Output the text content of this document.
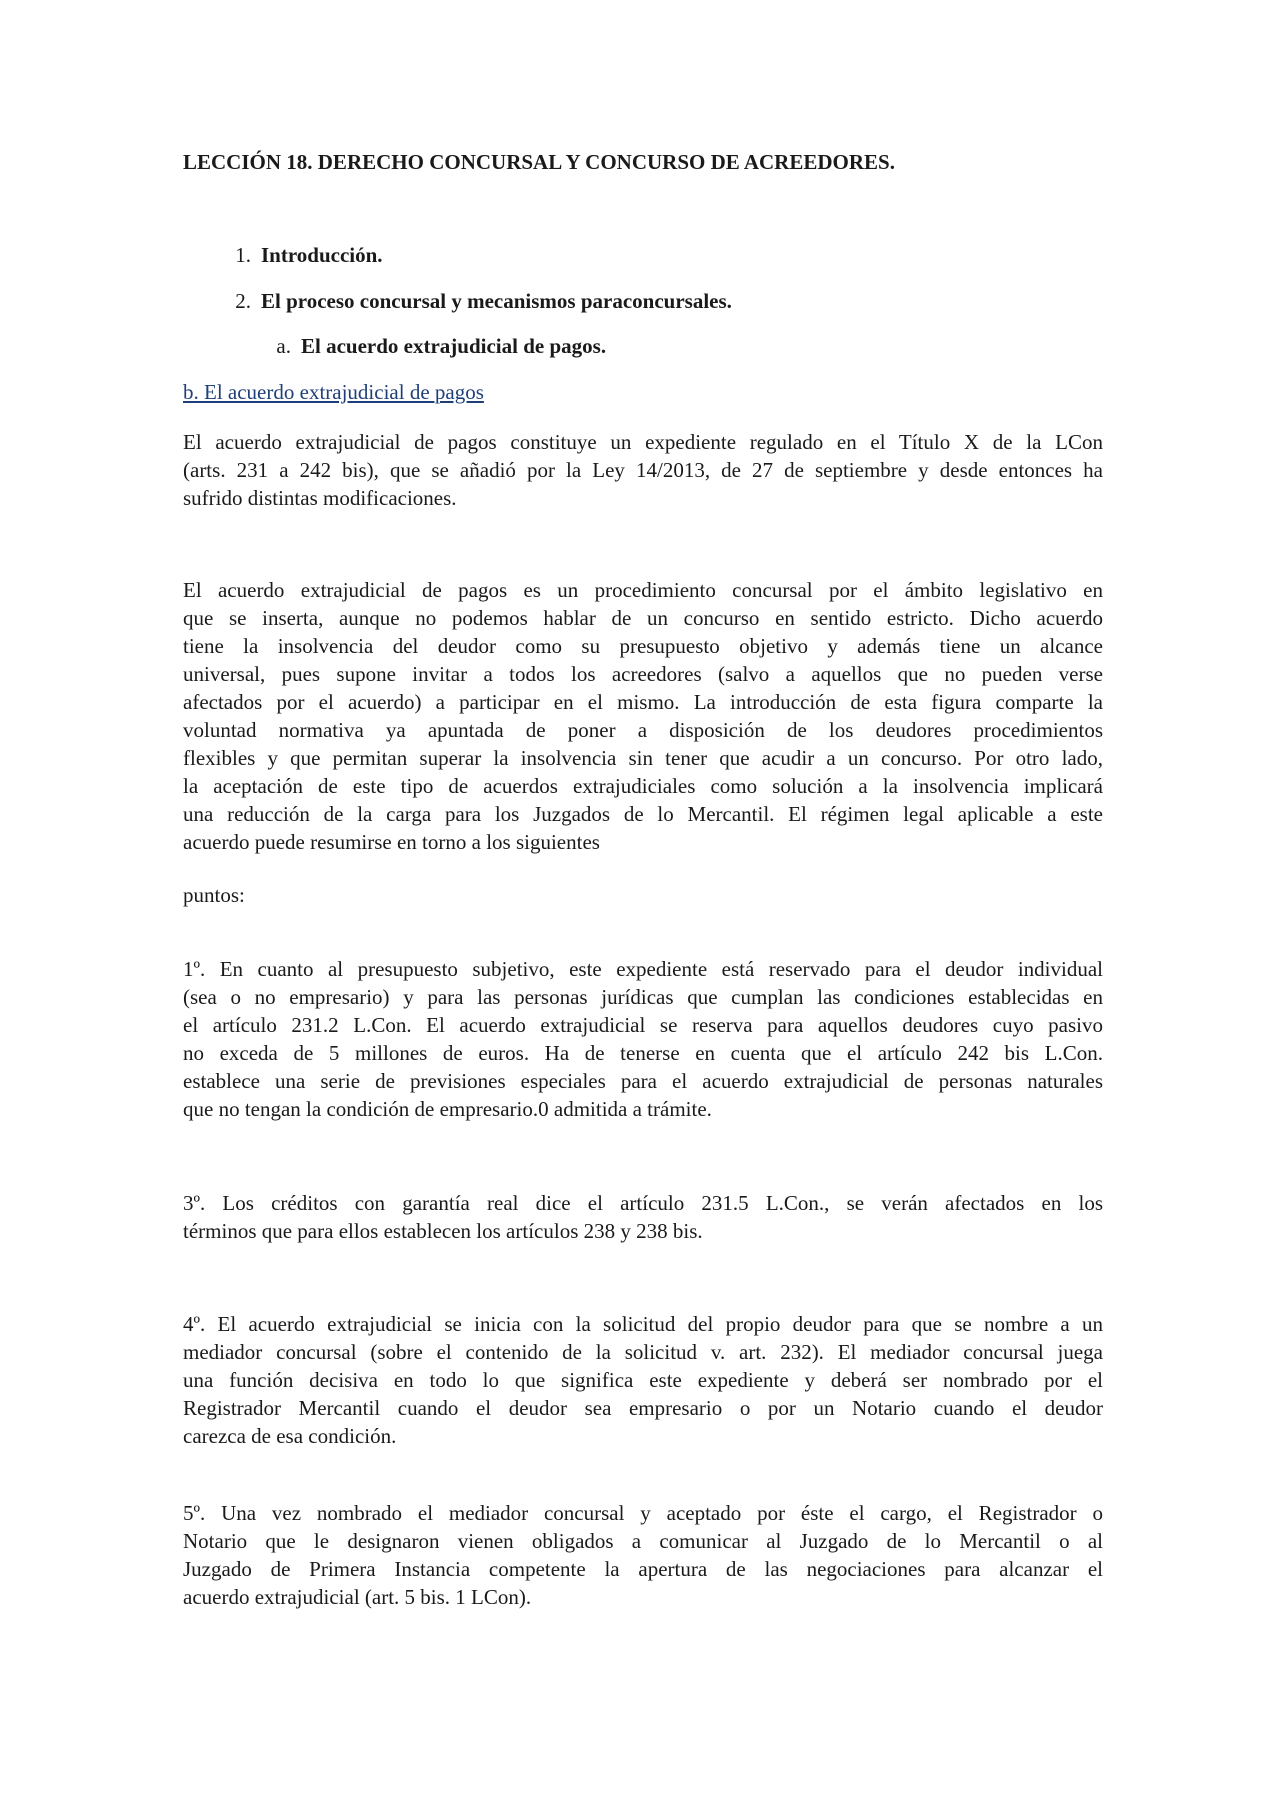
LECCIÓN 18. DERECHO CONCURSAL Y CONCURSO DE ACREEDORES.
1. Introducción.
2. El proceso concursal y mecanismos paraconcursales.
a. El acuerdo extrajudicial de pagos.
b. El acuerdo extrajudicial de pagos
El acuerdo extrajudicial de pagos constituye un expediente regulado en el Título X de la LCon
(arts. 231 a 242 bis), que se añadió por la Ley 14/2013, de 27 de septiembre y desde entonces ha
sufrido distintas modificaciones.
El acuerdo extrajudicial de pagos es un procedimiento concursal por el ámbito legislativo en
que se inserta, aunque no podemos hablar de un concurso en sentido estricto. Dicho acuerdo
tiene la insolvencia del deudor como su presupuesto objetivo y además tiene un alcance
universal, pues supone invitar a todos los acreedores (salvo a aquellos que no pueden verse
afectados por el acuerdo) a participar en el mismo. La introducción de esta figura comparte la
voluntad normativa ya apuntada de poner a disposición de los deudores procedimientos
flexibles y que permitan superar la insolvencia sin tener que acudir a un concurso. Por otro lado,
la aceptación de este tipo de acuerdos extrajudiciales como solución a la insolvencia implicará
una reducción de la carga para los Juzgados de lo Mercantil. El régimen legal aplicable a este
acuerdo puede resumirse en torno a los siguientes
puntos:
1º. En cuanto al presupuesto subjetivo, este expediente está reservado para el deudor individual
(sea o no empresario) y para las personas jurídicas que cumplan las condiciones establecidas en
el artículo 231.2 L.Con. El acuerdo extrajudicial se reserva para aquellos deudores cuyo pasivo
no exceda de 5 millones de euros. Ha de tenerse en cuenta que el artículo 242 bis L.Con.
establece una serie de previsiones especiales para el acuerdo extrajudicial de personas naturales
que no tengan la condición de empresario.0 admitida a trámite.
3º. Los créditos con garantía real dice el artículo 231.5 L.Con., se verán afectados en los
términos que para ellos establecen los artículos 238 y 238 bis.
4º. El acuerdo extrajudicial se inicia con la solicitud del propio deudor para que se nombre a un
mediador concursal (sobre el contenido de la solicitud v. art. 232). El mediador concursal juega
una función decisiva en todo lo que significa este expediente y deberá ser nombrado por el
Registrador Mercantil cuando el deudor sea empresario o por un Notario cuando el deudor
carezca de esa condición.
5º. Una vez nombrado el mediador concursal y aceptado por éste el cargo, el Registrador o
Notario que le designaron vienen obligados a comunicar al Juzgado de lo Mercantil o al
Juzgado de Primera Instancia competente la apertura de las negociaciones para alcanzar el
acuerdo extrajudicial (art. 5 bis. 1 LCon).
